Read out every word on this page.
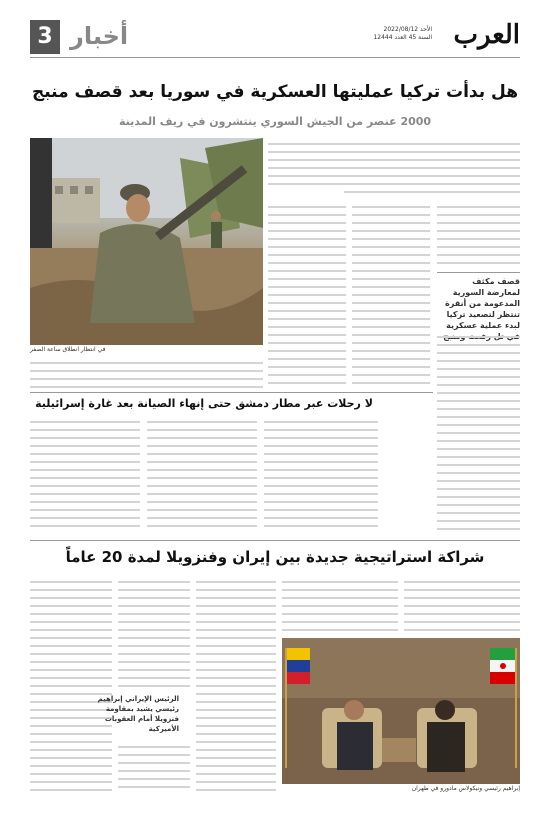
العرب
الأحد 2022/08/12
السنة 45 العدد 12444
أخبار
3
هل بدأت تركيا عمليتها العسكرية في سوريا بعد قصف منبج
2000 عنصر من الجيش السوري ينتشرون في ريف المدينة
في انتظار انطلاق ساعة الصفر
قصف مكثف لمعارضة السورية المدعومة من أنقرة تنتظر لتصعيد تركيا لبدء عملية عسكرية في تل رفعت ومنبج
لا رحلات عبر مطار دمشق حتى إنهاء الصيانة بعد غارة إسرائيلية
شراكة استراتيجية جديدة بين إيران وفنزويلا لمدة 20 عاماً
الرئيس الإيراني إبراهيم رئيسي يشيد بمقاومة فنزويلا أمام العقوبات الأميركية
إبراهيم رئيسي ونيكولاس مادورو في طهران
